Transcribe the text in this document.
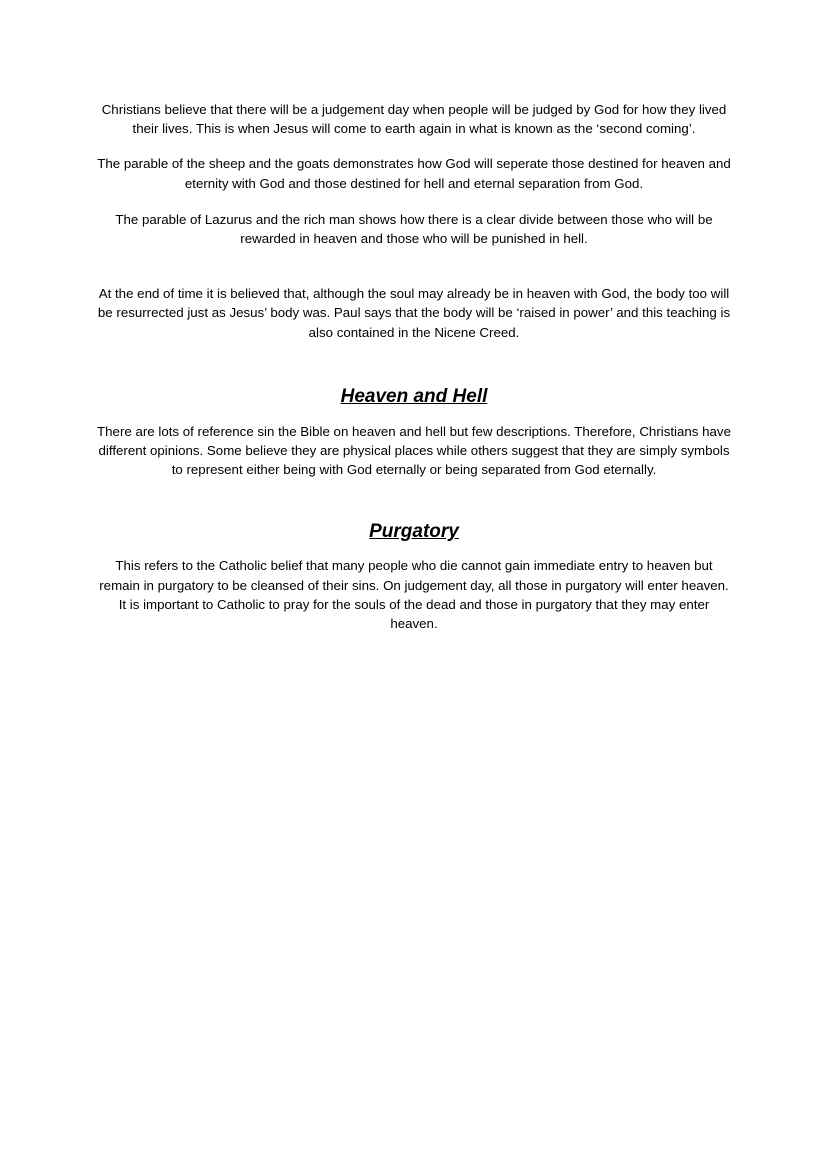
Christians believe that there will be a judgement day when people will be judged by God for how they lived their lives. This is when Jesus will come to earth again in what is known as the ‘second coming’.

The parable of the sheep and the goats demonstrates how God will seperate those destined for heaven and eternity with God and those destined for hell and eternal separation from God.

The parable of Lazurus and the rich man shows how there is a clear divide between those who will be rewarded in heaven and those who will be punished in hell.

At the end of time it is believed that, although the soul may already be in heaven with God, the body too will be resurrected just as Jesus’ body was. Paul says that the body will be ‘raised in power’ and this teaching is also contained in the Nicene Creed.

Heaven and Hell

There are lots of reference sin the Bible on heaven and hell but few descriptions. Therefore, Christians have different opinions. Some believe they are physical places while others suggest that they are simply symbols to represent either being with God eternally or being separated from God eternally.

Purgatory

This refers to the Catholic belief that many people who die cannot gain immediate entry to heaven but remain in purgatory to be cleansed of their sins. On judgement day, all those in purgatory will enter heaven. It is important to Catholic to pray for the souls of the dead and those in purgatory that they may enter heaven.
